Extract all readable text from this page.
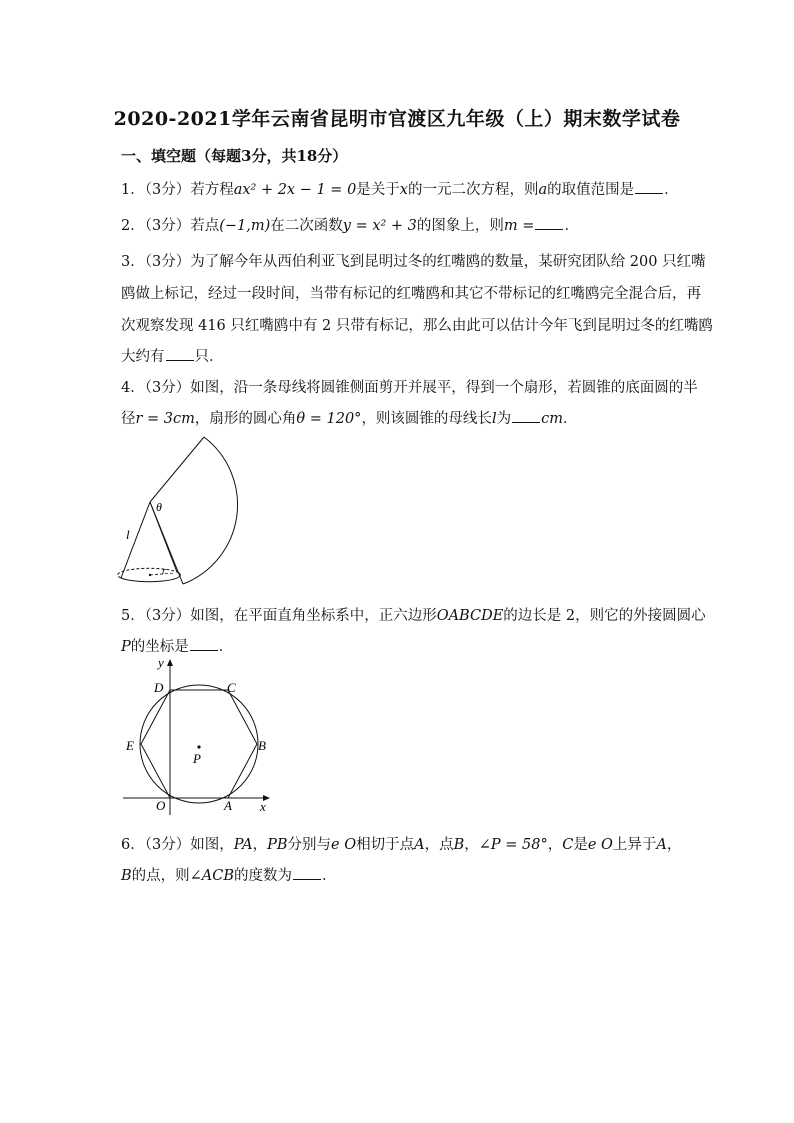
2020-2021学年云南省昆明市官渡区九年级（上）期末数学试卷
一、填空题（每题3分，共18分）
1．（3分）若方程ax² + 2x − 1 = 0是关于x的一元二次方程，则a的取值范围是 ．
2．（3分）若点(−1,m)在二次函数y = x² + 3的图象上，则m = ．
3．（3分）为了解今年从西伯利亚飞到昆明过冬的红嘴鸥的数量，某研究团队给 200 只红嘴
鸥做上标记，经过一段时间，当带有标记的红嘴鸥和其它不带标记的红嘴鸥完全混合后，再
次观察发现 416 只红嘴鸥中有 2 只带有标记，那么由此可以估计今年飞到昆明过冬的红嘴鸥
大约有 只．
4．（3分）如图，沿一条母线将圆锥侧面剪开并展平，得到一个扇形，若圆锥的底面圆的半
径r = 3cm，扇形的圆心角θ = 120°，则该圆锥的母线长l为 cm．
θ
l
r
5．（3分）如图，在平面直角坐标系中，正六边形OABCDE的边长是 2，则它的外接圆圆心
P的坐标是 ．
y
x
D	C
E	B
P
O	A
6．（3分）如图，PA，PB分别与e O相切于点A，点B，∠P = 58°，C是e O上异于A，
B的点，则∠ACB的度数为 ．
